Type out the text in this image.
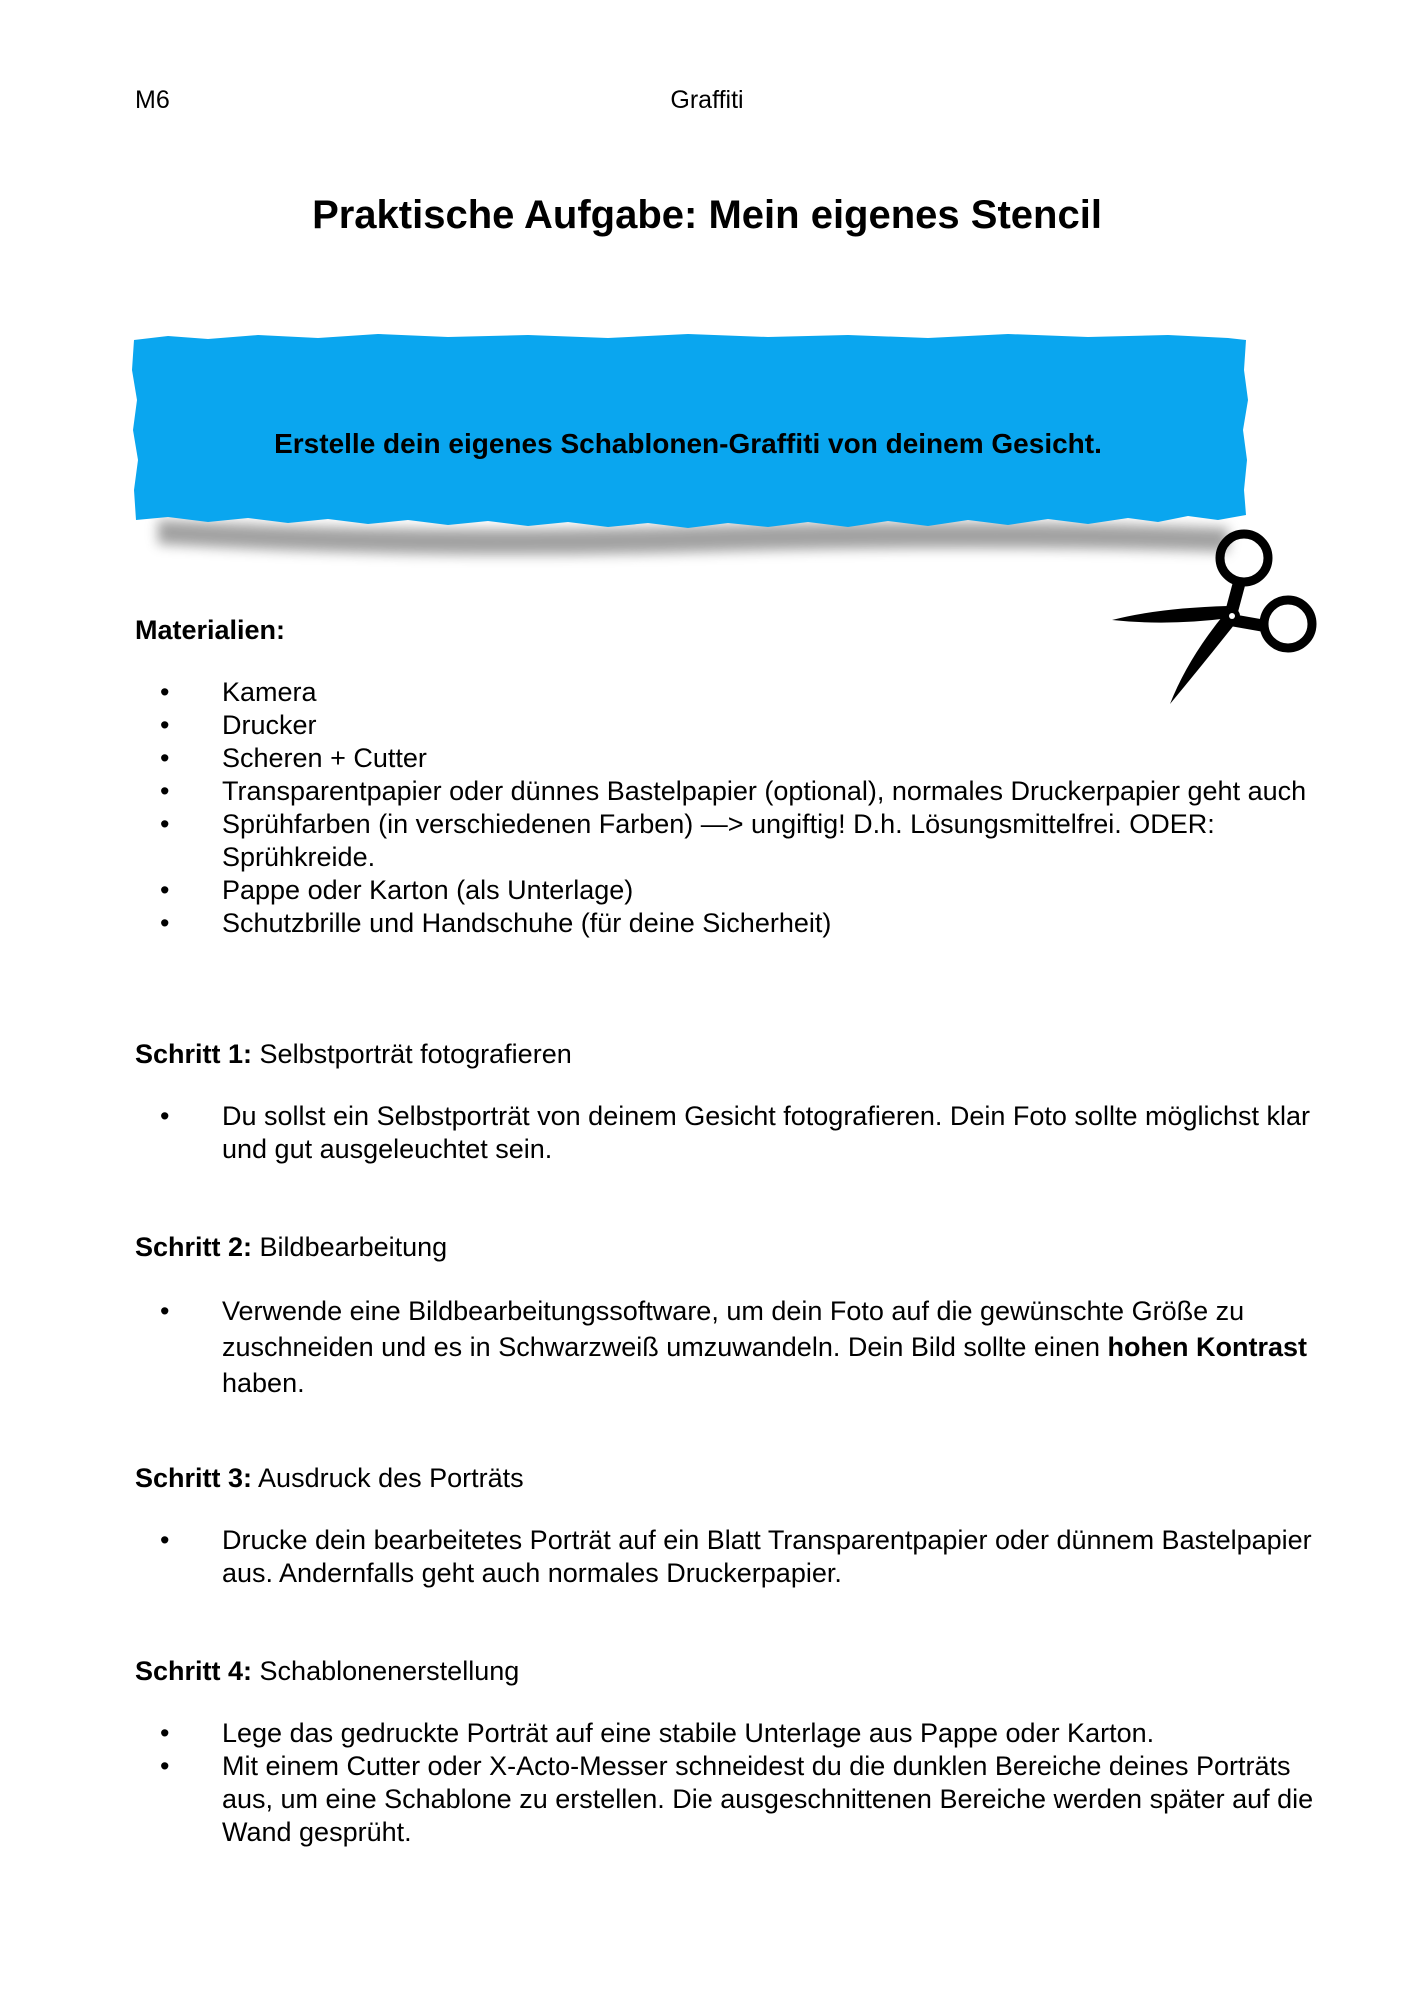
M6	Graffiti
Praktische Aufgabe: Mein eigenes Stencil
Erstelle dein eigenes Schablonen-Graffiti von deinem Gesicht.
Materialien:
• Kamera
• Drucker
• Scheren + Cutter
• Transparentpapier oder dünnes Bastelpapier (optional), normales Druckerpapier geht auch
• Sprühfarben (in verschiedenen Farben) —> ungiftig! D.h. Lösungsmittelfrei. ODER: Sprühkreide.
• Pappe oder Karton (als Unterlage)
• Schutzbrille und Handschuhe (für deine Sicherheit)
Schritt 1: Selbstporträt fotografieren
• Du sollst ein Selbstporträt von deinem Gesicht fotografieren. Dein Foto sollte möglichst klar und gut ausgeleuchtet sein.
Schritt 2: Bildbearbeitung
• Verwende eine Bildbearbeitungssoftware, um dein Foto auf die gewünschte Größe zu zuschneiden und es in Schwarzweiß umzuwandeln. Dein Bild sollte einen hohen Kontrast haben.
Schritt 3: Ausdruck des Porträts
• Drucke dein bearbeitetes Porträt auf ein Blatt Transparentpapier oder dünnem Bastelpapier aus. Andernfalls geht auch normales Druckerpapier.
Schritt 4: Schablonenerstellung
• Lege das gedruckte Porträt auf eine stabile Unterlage aus Pappe oder Karton.
• Mit einem Cutter oder X-Acto-Messer schneidest du die dunklen Bereiche deines Porträts aus, um eine Schablone zu erstellen. Die ausgeschnittenen Bereiche werden später auf die Wand gesprüht.
